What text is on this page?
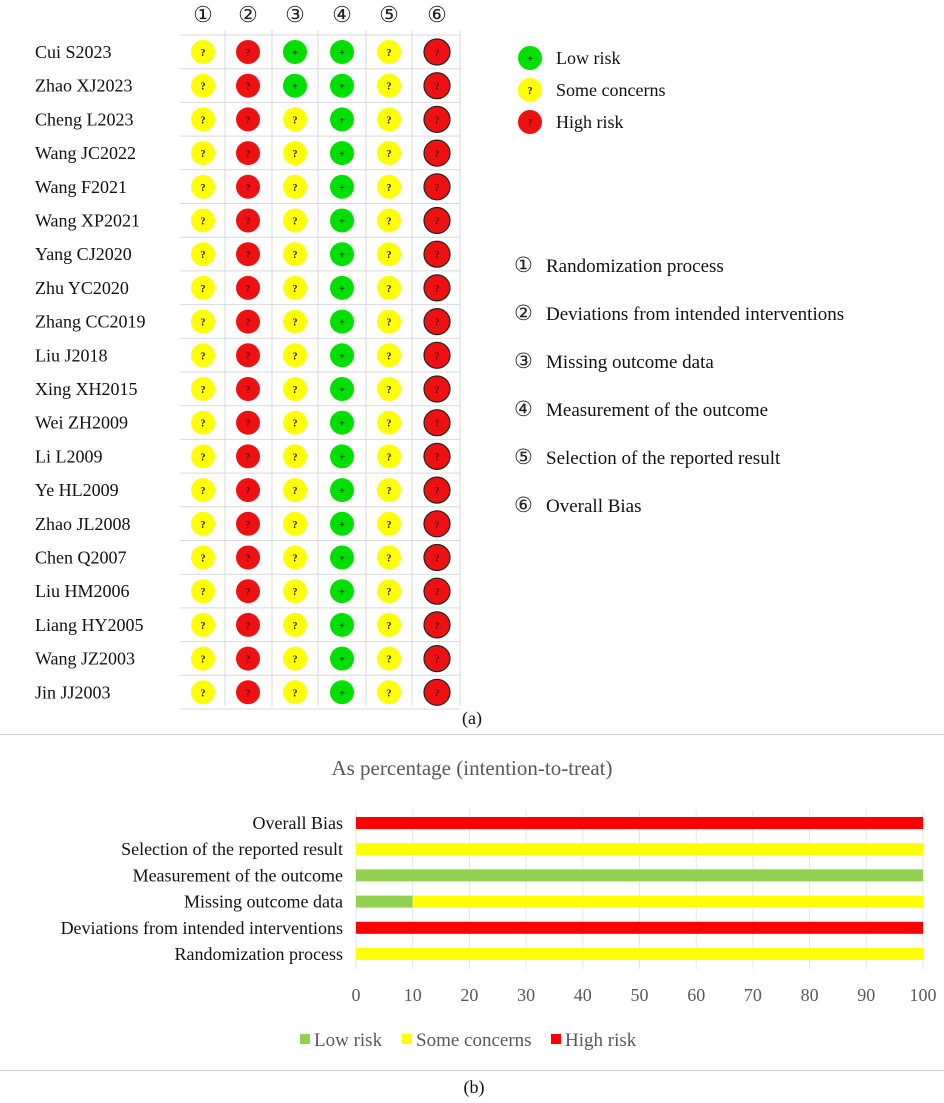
① ② ③ ④ ⑤ ⑥
Cui S2023	?	?	+	+	?	?
Zhao XJ2023	?	?	+	+	?	?
Cheng L2023	?	?	?	+	?	?
Wang JC2022	?	?	?	+	?	?
Wang F2021	?	?	?	+	?	?
Wang XP2021	?	?	?	+	?	?
Yang CJ2020	?	?	?	+	?	?
Zhu YC2020	?	?	?	+	?	?
Zhang CC2019	?	?	?	+	?	?
Liu J2018	?	?	?	+	?	?
Xing XH2015	?	?	?	+	?	?
Wei ZH2009	?	?	?	+	?	?
Li L2009	?	?	?	+	?	?
Ye HL2009	?	?	?	+	?	?
Zhao JL2008	?	?	?	+	?	?
Chen Q2007	?	?	?	+	?	?
Liu HM2006	?	?	?	+	?	?
Liang HY2005	?	?	?	+	?	?
Wang JZ2003	?	?	?	+	?	?
Jin JJ2003	?	?	?	+	?	?
+ Low risk
? Some concerns
? High risk
① Randomization process
② Deviations from intended interventions
③ Missing outcome data
④ Measurement of the outcome
⑤ Selection of the reported result
⑥ Overall Bias
(a)
As percentage (intention-to-treat)
Overall Bias
Selection of the reported result
Measurement of the outcome
Missing outcome data
Deviations from intended interventions
Randomization process
0 10 20 30 40 50 60 70 80 90 100
Low risk Some concerns High risk
(b)
